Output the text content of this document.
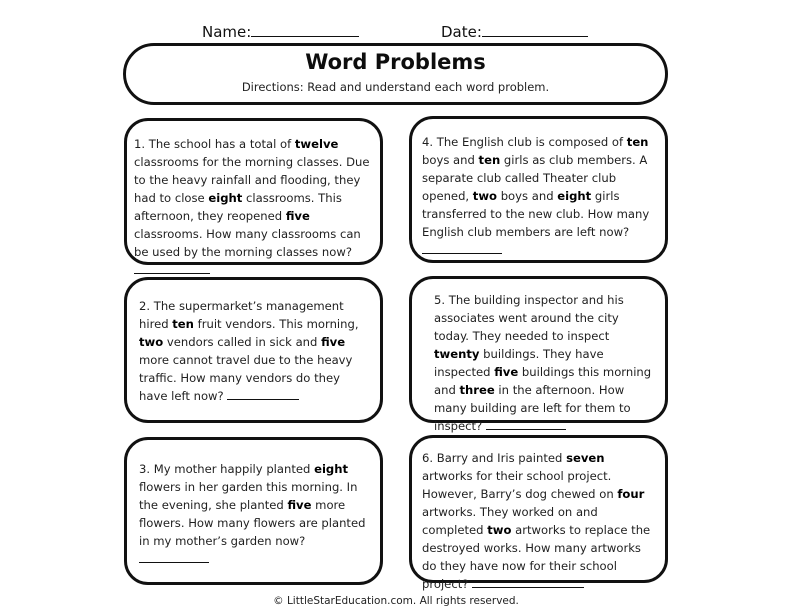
Name:	Date:
Word Problems
Directions: Read and understand each word problem.
1. The school has a total of twelve classrooms for the morning classes. Due to the heavy rainfall and flooding, they had to close eight classrooms. This afternoon, they reopened five classrooms. How many classrooms can be used by the morning classes now?
2. The supermarket’s management hired ten fruit vendors. This morning, two vendors called in sick and five more cannot travel due to the heavy traffic. How many vendors do they have left now?
3. My mother happily planted eight flowers in her garden this morning. In the evening, she planted five more flowers. How many flowers are planted in my mother’s garden now?
4. The English club is composed of ten boys and ten girls as club members. A separate club called Theater club opened, two boys and eight girls transferred to the new club. How many English club members are left now?
5. The building inspector and his associates went around the city today. They needed to inspect twenty buildings. They have inspected five buildings this morning and three in the afternoon. How many building are left for them to inspect?
6. Barry and Iris painted seven artworks for their school project. However, Barry’s dog chewed on four artworks. They worked on and completed two artworks to replace the destroyed works. How many artworks do they have now for their school project?
© LittleStarEducation.com. All rights reserved.
